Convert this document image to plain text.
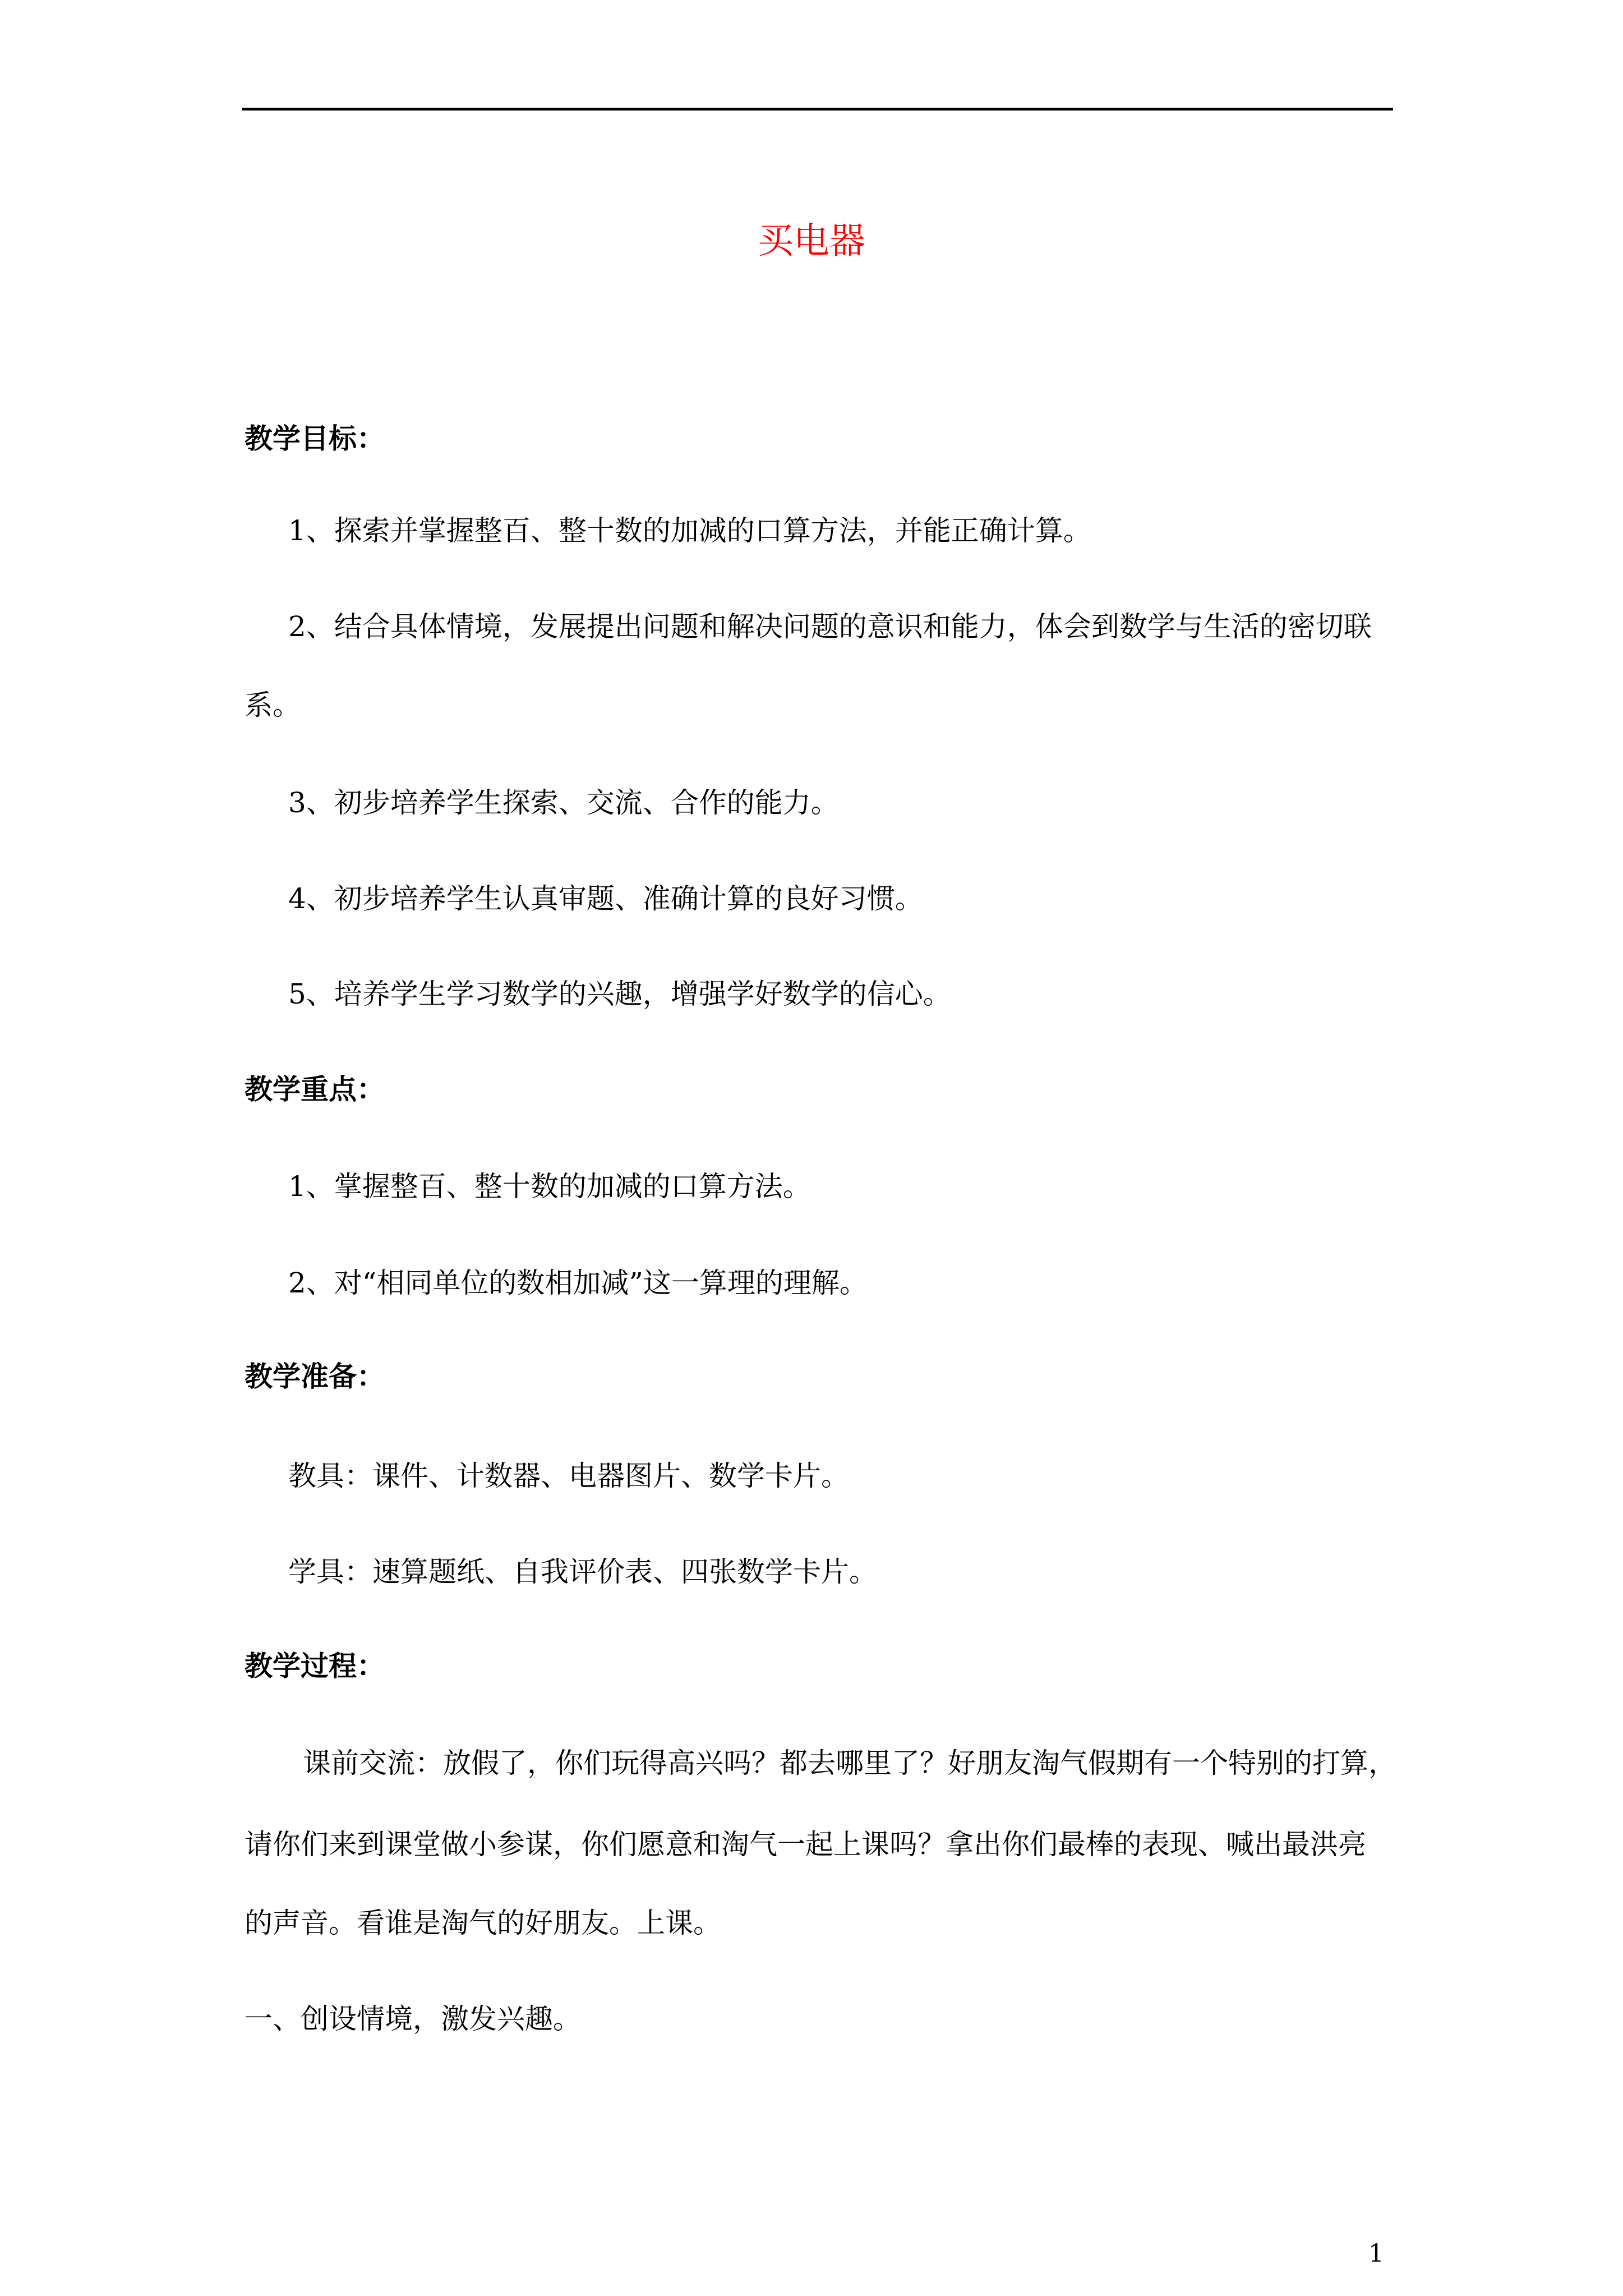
买电器

教学目标：

1、探索并掌握整百、整十数的加减的口算方法，并能正确计算。

2、结合具体情境，发展提出问题和解决问题的意识和能力，体会到数学与生活的密切联

系。

3、初步培养学生探索、交流、合作的能力。

4、初步培养学生认真审题、准确计算的良好习惯。

5、培养学生学习数学的兴趣，增强学好数学的信心。

教学重点：

1、掌握整百、整十数的加减的口算方法。

2、对“相同单位的数相加减”这一算理的理解。

教学准备：

教具：课件、计数器、电器图片、数学卡片。

学具：速算题纸、自我评价表、四张数学卡片。

教学过程：

课前交流：放假了，你们玩得高兴吗？都去哪里了？好朋友淘气假期有一个特别的打算，

请你们来到课堂做小参谋，你们愿意和淘气一起上课吗？拿出你们最棒的表现、喊出最洪亮

的声音。看谁是淘气的好朋友。上课。

一、创设情境，激发兴趣。

1
